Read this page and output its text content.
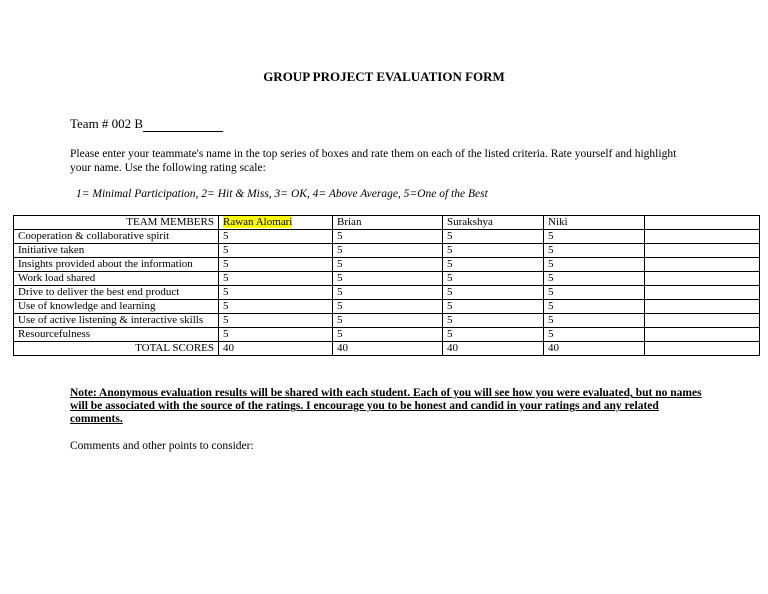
GROUP PROJECT EVALUATION FORM
Team # 002 B
Please enter your teammate's name in the top series of boxes and rate them on each of the listed criteria. Rate yourself and highlight your name. Use the following rating scale:
1= Minimal Participation, 2= Hit & Miss, 3= OK, 4= Above Average, 5=One of the Best
TEAM MEMBERS	Rawan Alomari	Brian	Surakshya	Niki	
Cooperation & collaborative spirit	5	5	5	5	
Initiative taken	5	5	5	5	
Insights provided about the information	5	5	5	5	
Work load shared	5	5	5	5	
Drive to deliver the best end product	5	5	5	5	
Use of knowledge and learning	5	5	5	5	
Use of active listening & interactive skills	5	5	5	5	
Resourcefulness	5	5	5	5	
TOTAL SCORES	40	40	40	40	
Note: Anonymous evaluation results will be shared with each student. Each of you will see how you were evaluated, but no names will be associated with the source of the ratings. I encourage you to be honest and candid in your ratings and any related comments.
Comments and other points to consider:
